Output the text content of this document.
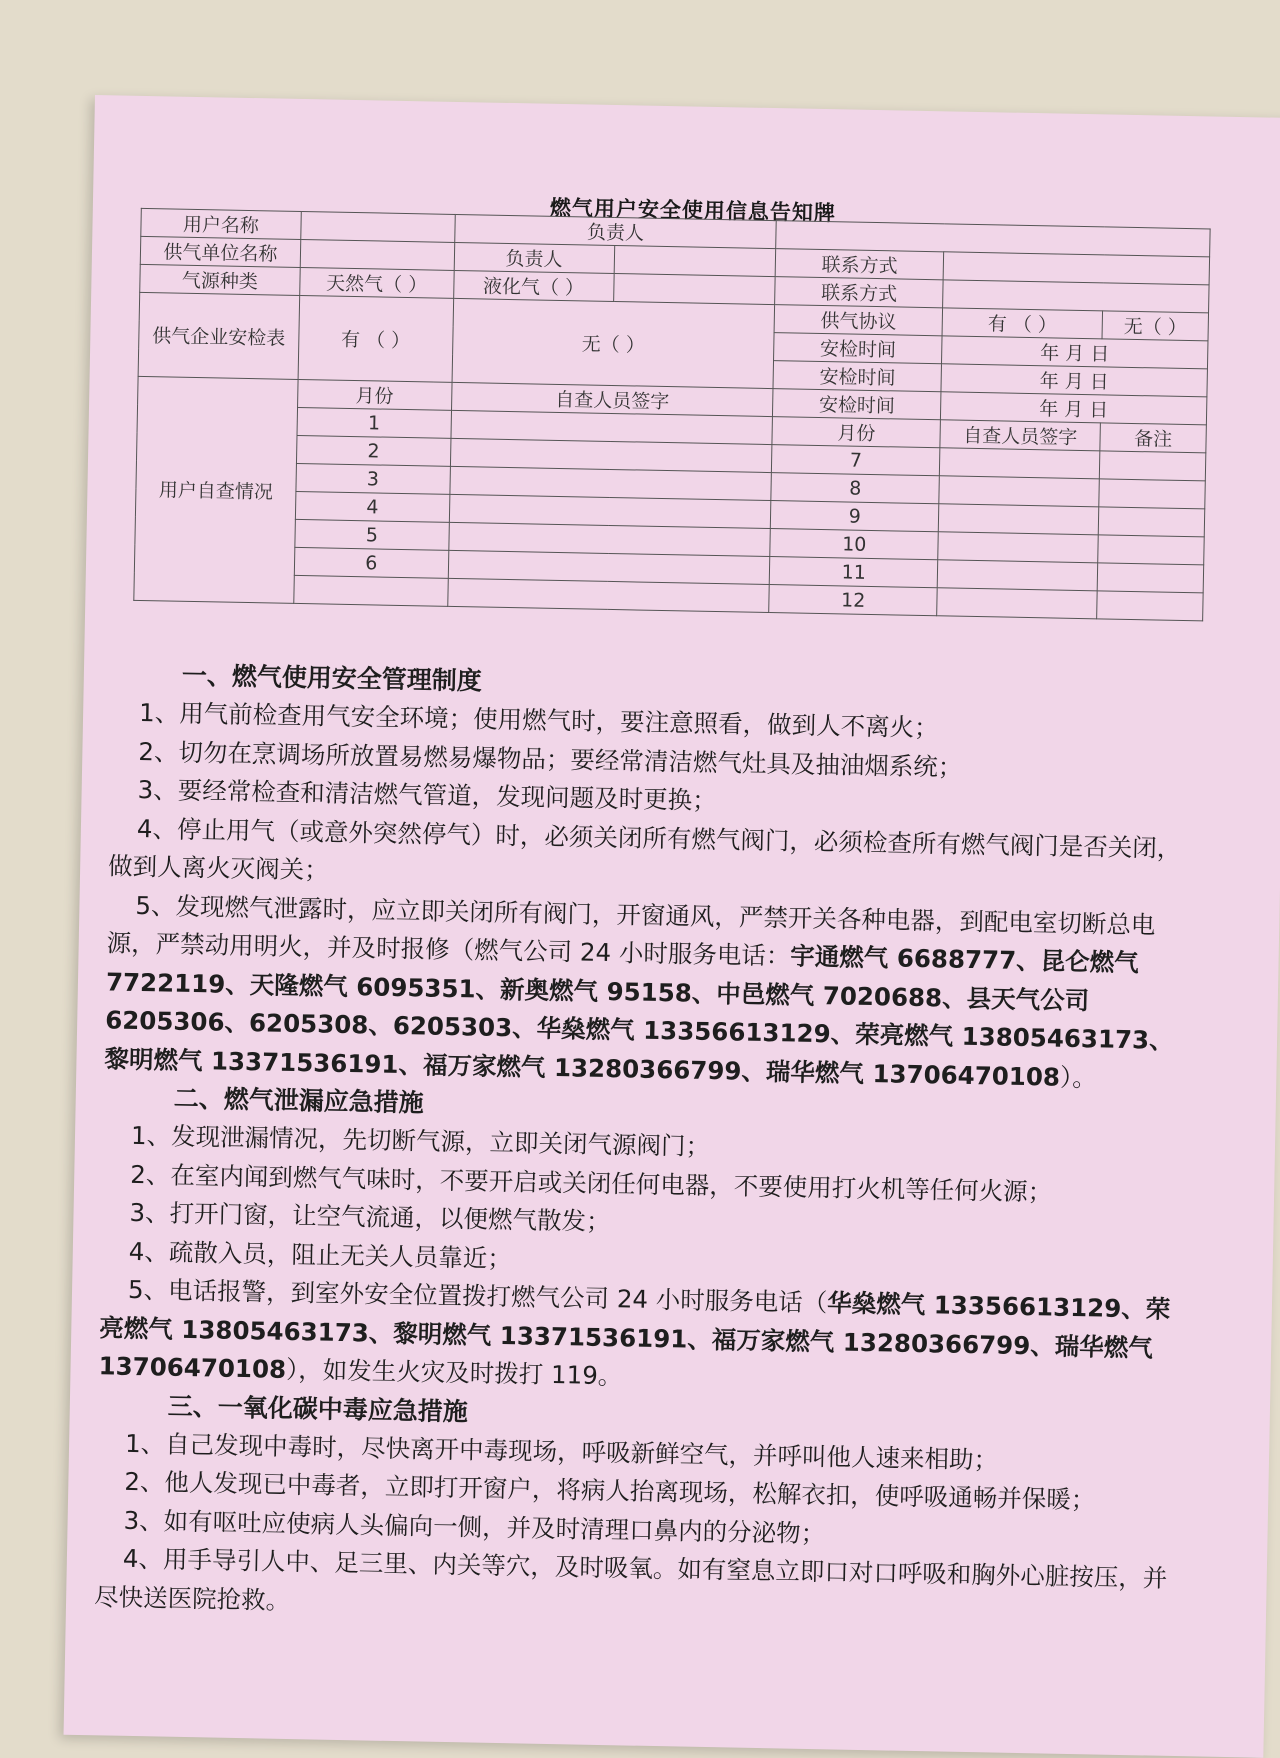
燃气用户安全使用信息告知牌
用户名称		负责人				
供气单位名称		负责人		联系方式		
气源种类	天然气（ ）	液化气（ ）		联系方式		
供气企业安检表	有 （ ）	无（ ）		供气协议	有 （ ）	无（ ）
				安检时间	年 月 日	
				安检时间	年 月 日	
用户自查情况	月份	自查人员签字		安检时间	年 月 日	
	1			月份	自查人员签字	备注
	2			7		
	3			8		
	4			9		
	5			10		
	6			11		
				12		
一、燃气使用安全管理制度

1、用气前检查用气安全环境；使用燃气时，要注意照看，做到人不离火；

2、切勿在烹调场所放置易燃易爆物品；要经常清洁燃气灶具及抽油烟系统；

3、要经常检查和清洁燃气管道，发现问题及时更换；

4、停止用气（或意外突然停气）时，必须关闭所有燃气阀门，必须检查所有燃气阀门是否关闭，做到人离火灭阀关；

5、发现燃气泄露时，应立即关闭所有阀门，开窗通风，严禁开关各种电器，到配电室切断总电源，严禁动用明火，并及时报修（燃气公司 24 小时服务电话：宇通燃气 6688777、昆仑燃气 7722119、天隆燃气 6095351、新奥燃气 95158、中邑燃气 7020688、县天气公司 6205306、6205308、6205303、华燊燃气 13356613129、荣亮燃气 13805463173、黎明燃气 13371536191、福万家燃气 13280366799、瑞华燃气 13706470108）。

二、燃气泄漏应急措施

1、发现泄漏情况，先切断气源，立即关闭气源阀门；

2、在室内闻到燃气气味时，不要开启或关闭任何电器，不要使用打火机等任何火源；

3、打开门窗，让空气流通，以便燃气散发；

4、疏散入员，阻止无关人员靠近；

5、电话报警，到室外安全位置拨打燃气公司 24 小时服务电话（华燊燃气 13356613129、荣亮燃气 13805463173、黎明燃气 13371536191、福万家燃气 13280366799、瑞华燃气 13706470108），如发生火灾及时拨打 119。

三、一氧化碳中毒应急措施

1、自己发现中毒时，尽快离开中毒现场，呼吸新鲜空气，并呼叫他人速来相助；

2、他人发现已中毒者，立即打开窗户，将病人抬离现场，松解衣扣，使呼吸通畅并保暖；

3、如有呕吐应使病人头偏向一侧，并及时清理口鼻内的分泌物；

4、用手导引人中、足三里、内关等穴，及时吸氧。如有窒息立即口对口呼吸和胸外心脏按压，并尽快送医院抢救。
